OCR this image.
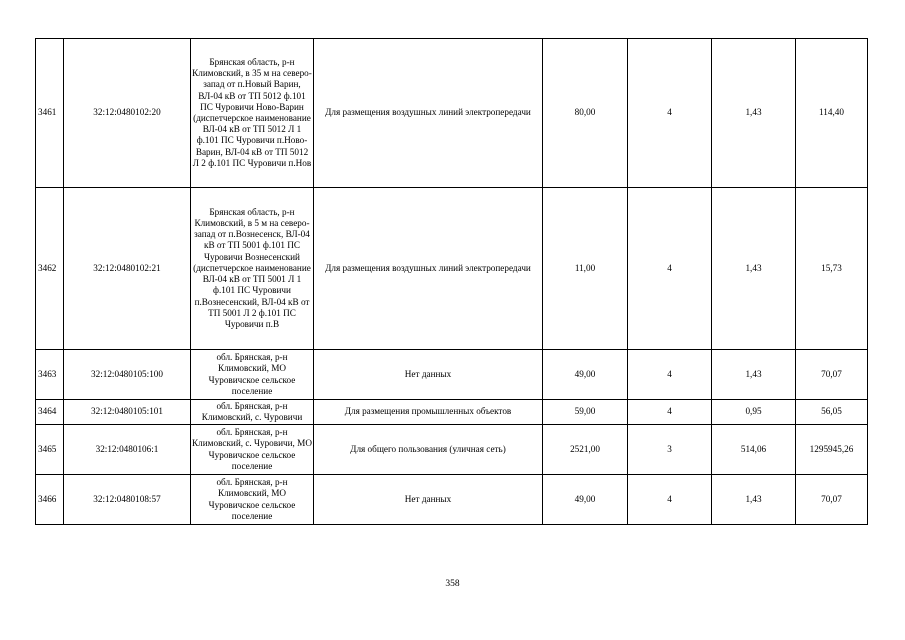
3461	32:12:0480102:20	Брянская область, р-н Климовский, в 35 м на северо-запад от п.Новый Варин, ВЛ-04 кВ от ТП 5012 ф.101 ПС Чуровичи Ново-Варин (диспетчерское наименование ВЛ-04 кВ от ТП 5012 Л 1 ф.101 ПС Чуровичи п.Ново-Варин, ВЛ-04 кВ от ТП 5012 Л 2 ф.101 ПС Чуровичи п.Нов	Для размещения воздушных линий электропередачи	80,00	4	1,43	114,40
3462	32:12:0480102:21	Брянская область, р-н Климовский, в 5 м на северо-запад от п.Вознесенск, ВЛ-04 кВ от ТП 5001 ф.101 ПС Чуровичи Вознесенский (диспетчерское наименование ВЛ-04 кВ от ТП 5001 Л 1 ф.101 ПС Чуровичи п.Вознесенский, ВЛ-04 кВ от ТП 5001 Л 2 ф.101 ПС Чуровичи п.В	Для размещения воздушных линий электропередачи	11,00	4	1,43	15,73
3463	32:12:0480105:100	обл. Брянская, р-н Климовский, МО Чуровичское сельское поселение	Нет данных	49,00	4	1,43	70,07
3464	32:12:0480105:101	обл. Брянская, р-н Климовский, с. Чуровичи	Для размещения промышленных объектов	59,00	4	0,95	56,05
3465	32:12:0480106:1	обл. Брянская, р-н Климовский, с. Чуровичи, МО Чуровичское сельское поселение	Для общего пользования (уличная сеть)	2521,00	3	514,06	1295945,26
3466	32:12:0480108:57	обл. Брянская, р-н Климовский, МО Чуровичское сельское поселение	Нет данных	49,00	4	1,43	70,07
358
